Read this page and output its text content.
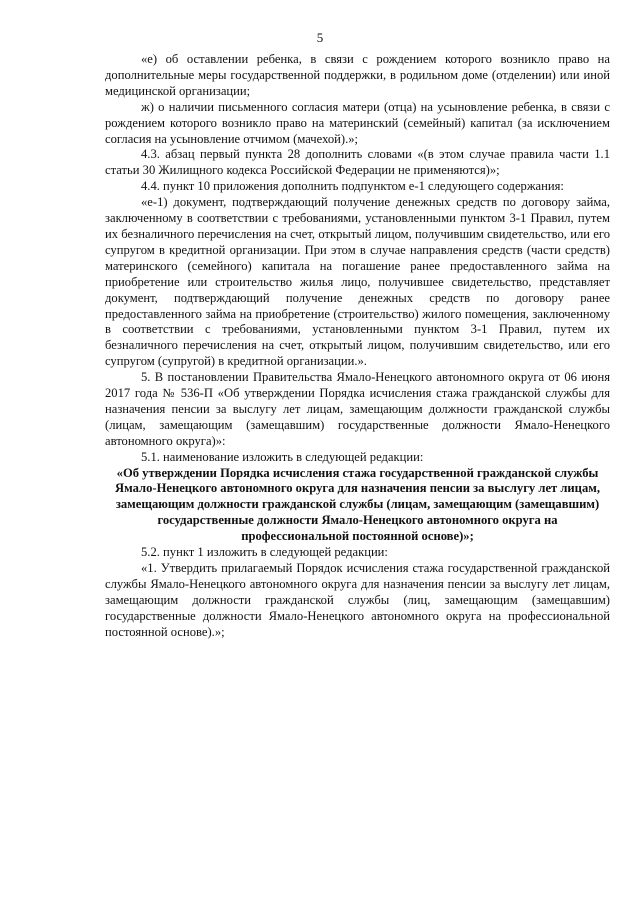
5

«е) об оставлении ребенка, в связи с рождением которого возникло право на дополнительные меры государственной поддержки, в родильном доме (отделении) или иной медицинской организации;

ж) о наличии письменного согласия матери (отца) на усыновление ребенка, в связи с рождением которого возникло право на материнский (семейный) капитал (за исключением согласия на усыновление отчимом (мачехой).»;

4.3. абзац первый пункта 28 дополнить словами «(в этом случае правила части 1.1 статьи 30 Жилищного кодекса Российской Федерации не применяются)»;

4.4. пункт 10 приложения дополнить подпунктом е-1 следующего содержания:

«е-1) документ, подтверждающий получение денежных средств по договору займа, заключенному в соответствии с требованиями, установленными пунктом 3-1 Правил, путем их безналичного перечисления на счет, открытый лицом, получившим свидетельство, или его супругом в кредитной организации. При этом в случае направления средств (части средств) материнского (семейного) капитала на погашение ранее предоставленного займа на приобретение или строительство жилья лицо, получившее свидетельство, представляет документ, подтверждающий получение денежных средств по договору ранее предоставленного займа на приобретение (строительство) жилого помещения, заключенному в соответствии с требованиями, установленными пунктом 3-1 Правил, путем их безналичного перечисления на счет, открытый лицом, получившим свидетельство, или его супругом (супругой) в кредитной организации.».

5. В постановлении Правительства Ямало-Ненецкого автономного округа от 06 июня 2017 года № 536-П «Об утверждении Порядка исчисления стажа гражданской службы для назначения пенсии за выслугу лет лицам, замещающим должности гражданской службы (лицам, замещающим (замещавшим) государственные должности Ямало-Ненецкого автономного округа)»:

5.1. наименование изложить в следующей редакции:

«Об утверждении Порядка исчисления стажа государственной гражданской службы Ямало-Ненецкого автономного округа для назначения пенсии за выслугу лет лицам, замещающим должности гражданской службы (лицам, замещающим (замещавшим) государственные должности Ямало-Ненецкого автономного округа на профессиональной постоянной основе)»;

5.2. пункт 1 изложить в следующей редакции:

«1. Утвердить прилагаемый Порядок исчисления стажа государственной гражданской службы Ямало-Ненецкого автономного округа для назначения пенсии за выслугу лет лицам, замещающим должности гражданской службы (лиц, замещающим (замещавшим) государственные должности Ямало-Ненецкого автономного округа на профессиональной постоянной основе).»;
